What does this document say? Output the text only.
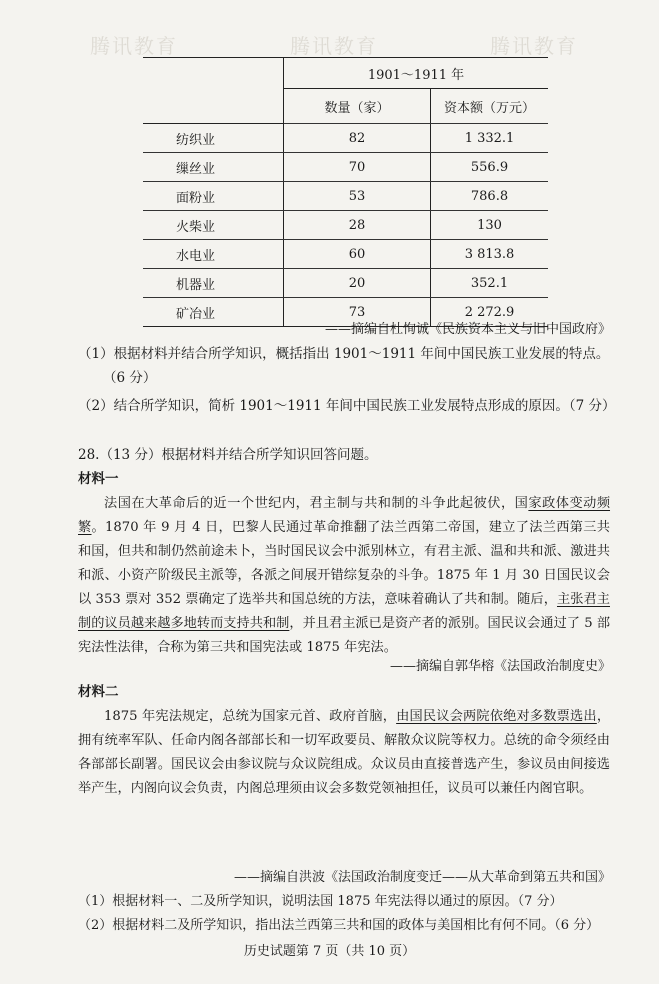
腾讯教育	腾讯教育	腾讯教育
	1901～1911 年	
	数量（家）	资本额（万元）
纺织业	82	1 332.1
缫丝业	70	556.9
面粉业	53	786.8
火柴业	28	130
水电业	60	3 813.8
机器业	20	352.1
矿冶业	73	2 272.9
——摘编自杜恂诚《民族资本主义与旧中国政府》
（1）根据材料并结合所学知识，概括指出 1901～1911 年间中国民族工业发展的特点。
（6 分）
（2）结合所学知识，简析 1901～1911 年间中国民族工业发展特点形成的原因。（7 分）
28.（13 分）根据材料并结合所学知识回答问题。
材料一
法国在大革命后的近一个世纪内，君主制与共和制的斗争此起彼伏，国家政体变动频繁。1870 年 9 月 4 日，巴黎人民通过革命推翻了法兰西第二帝国，建立了法兰西第三共和国，但共和制仍然前途未卜，当时国民议会中派别林立，有君主派、温和共和派、激进共和派、小资产阶级民主派等，各派之间展开错综复杂的斗争。1875 年 1 月 30 日国民议会以 353 票对 352 票确定了选举共和国总统的方法，意味着确认了共和制。随后，主张君主制的议员越来越多地转而支持共和制，并且君主派已是资产者的派别。国民议会通过了 5 部宪法性法律，合称为第三共和国宪法或 1875 年宪法。
——摘编自郭华榕《法国政治制度史》
材料二
1875 年宪法规定，总统为国家元首、政府首脑，由国民议会两院依绝对多数票选出，拥有统率军队、任命内阁各部部长和一切军政要员、解散众议院等权力。总统的命令须经由各部部长副署。国民议会由参议院与众议院组成。众议员由直接普选产生，参议员由间接选举产生，内阁向议会负责，内阁总理须由议会多数党领袖担任，议员可以兼任内阁官职。
——摘编自洪波《法国政治制度变迁——从大革命到第五共和国》
（1）根据材料一、二及所学知识，说明法国 1875 年宪法得以通过的原因。（7 分）
（2）根据材料二及所学知识，指出法兰西第三共和国的政体与美国相比有何不同。（6 分）
历史试题第 7 页（共 10 页）
